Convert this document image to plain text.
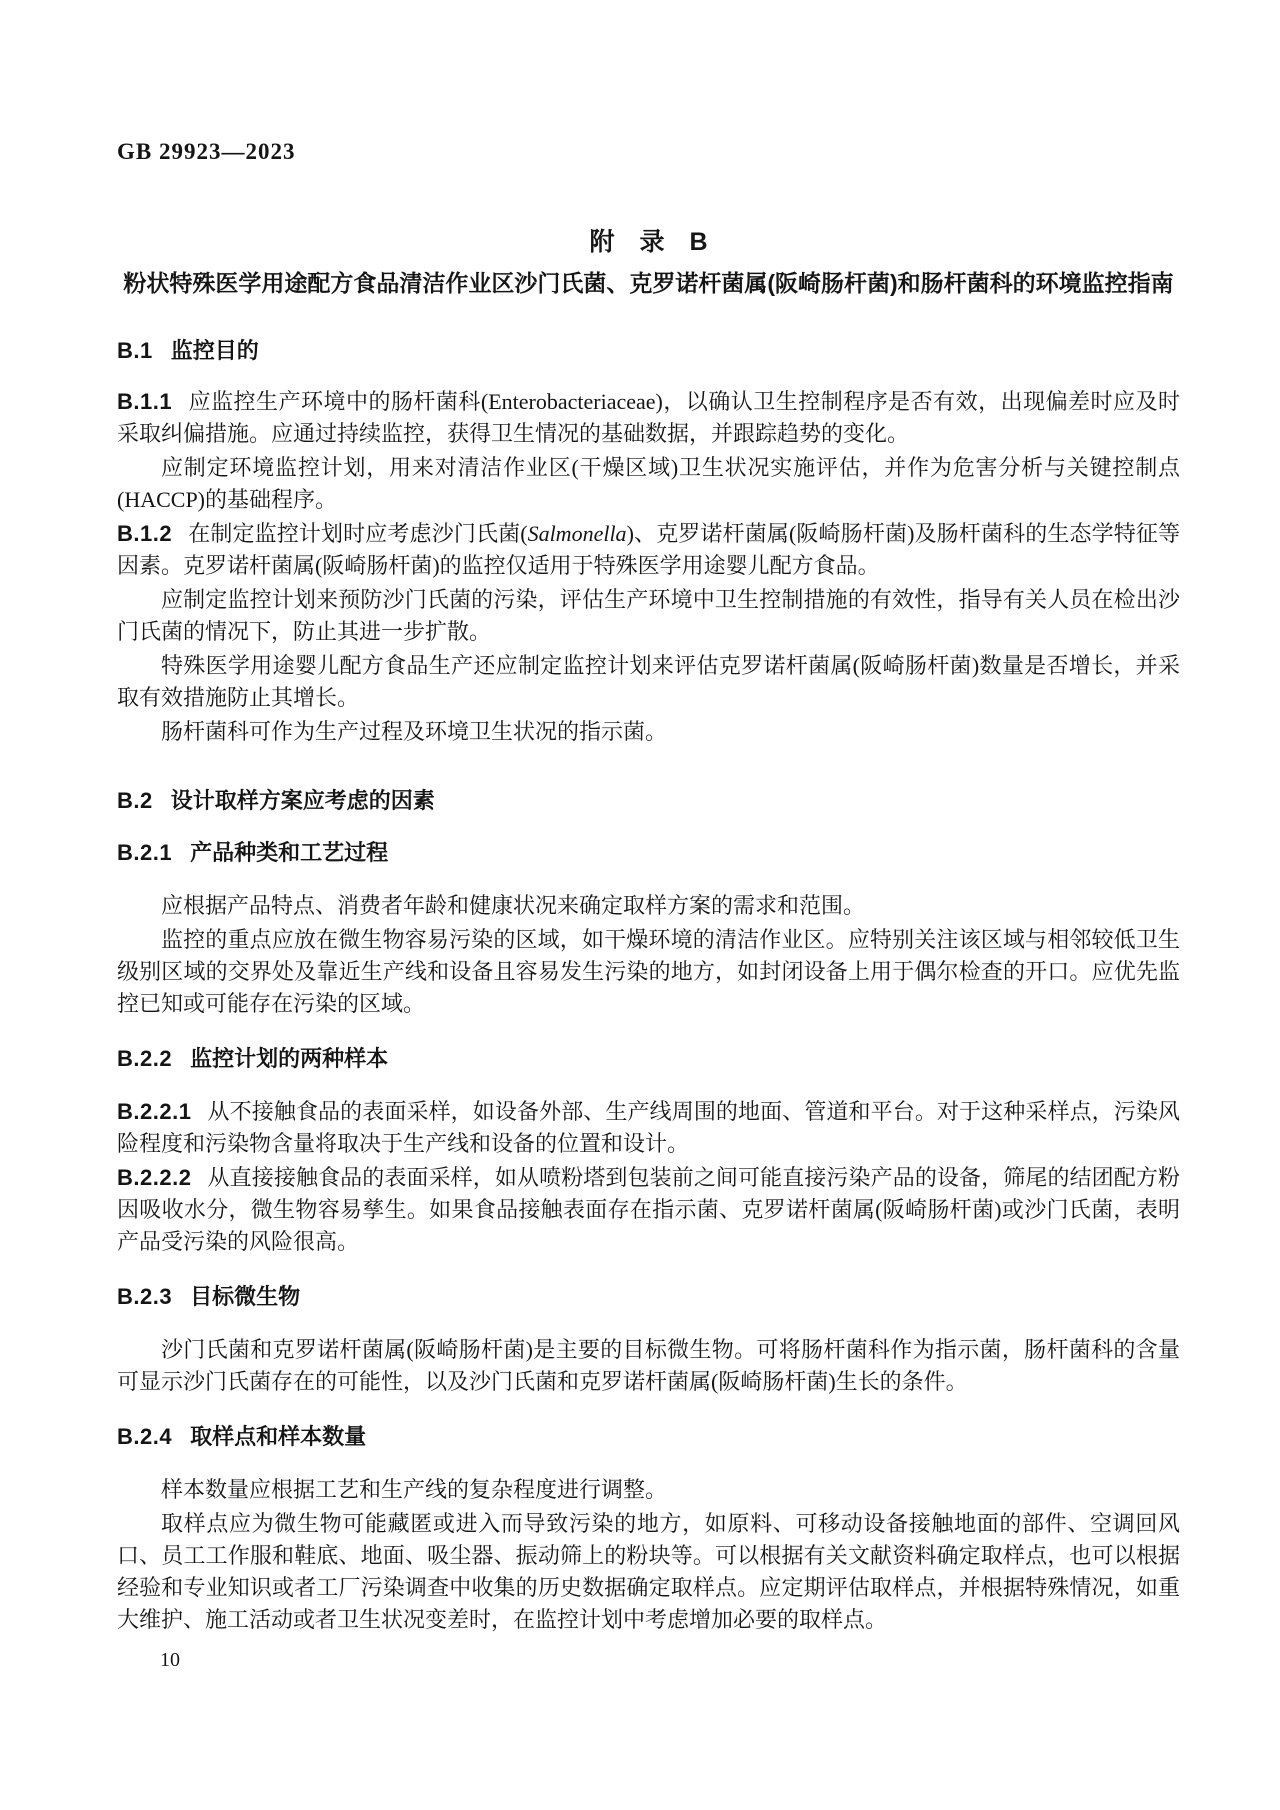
GB 29923—2023
附　录　B
粉状特殊医学用途配方食品清洁作业区沙门氏菌、克罗诺杆菌属(阪崎肠杆菌)和肠杆菌科的环境监控指南
B.1 监控目的

B.1.1 应监控生产环境中的肠杆菌科(Enterobacteriaceae)，以确认卫生控制程序是否有效，出现偏差时应及时采取纠偏措施。应通过持续监控，获得卫生情况的基础数据，并跟踪趋势的变化。

应制定环境监控计划，用来对清洁作业区(干燥区域)卫生状况实施评估，并作为危害分析与关键控制点(HACCP)的基础程序。

B.1.2 在制定监控计划时应考虑沙门氏菌(Salmonella)、克罗诺杆菌属(阪崎肠杆菌)及肠杆菌科的生态学特征等因素。克罗诺杆菌属(阪崎肠杆菌)的监控仅适用于特殊医学用途婴儿配方食品。

应制定监控计划来预防沙门氏菌的污染，评估生产环境中卫生控制措施的有效性，指导有关人员在检出沙门氏菌的情况下，防止其进一步扩散。

特殊医学用途婴儿配方食品生产还应制定监控计划来评估克罗诺杆菌属(阪崎肠杆菌)数量是否增长，并采取有效措施防止其增长。

肠杆菌科可作为生产过程及环境卫生状况的指示菌。

B.2 设计取样方案应考虑的因素
B.2.1 产品种类和工艺过程

应根据产品特点、消费者年龄和健康状况来确定取样方案的需求和范围。

监控的重点应放在微生物容易污染的区域，如干燥环境的清洁作业区。应特别关注该区域与相邻较低卫生级别区域的交界处及靠近生产线和设备且容易发生污染的地方，如封闭设备上用于偶尔检查的开口。应优先监控已知或可能存在污染的区域。

B.2.2 监控计划的两种样本

B.2.2.1 从不接触食品的表面采样，如设备外部、生产线周围的地面、管道和平台。对于这种采样点，污染风险程度和污染物含量将取决于生产线和设备的位置和设计。

B.2.2.2 从直接接触食品的表面采样，如从喷粉塔到包装前之间可能直接污染产品的设备，筛尾的结团配方粉因吸收水分，微生物容易孳生。如果食品接触表面存在指示菌、克罗诺杆菌属(阪崎肠杆菌)或沙门氏菌，表明产品受污染的风险很高。

B.2.3 目标微生物

沙门氏菌和克罗诺杆菌属(阪崎肠杆菌)是主要的目标微生物。可将肠杆菌科作为指示菌，肠杆菌科的含量可显示沙门氏菌存在的可能性，以及沙门氏菌和克罗诺杆菌属(阪崎肠杆菌)生长的条件。

B.2.4 取样点和样本数量

样本数量应根据工艺和生产线的复杂程度进行调整。

取样点应为微生物可能藏匿或进入而导致污染的地方，如原料、可移动设备接触地面的部件、空调回风口、员工工作服和鞋底、地面、吸尘器、振动筛上的粉块等。可以根据有关文献资料确定取样点，也可以根据经验和专业知识或者工厂污染调查中收集的历史数据确定取样点。应定期评估取样点，并根据特殊情况，如重大维护、施工活动或者卫生状况变差时，在监控计划中考虑增加必要的取样点。

10
